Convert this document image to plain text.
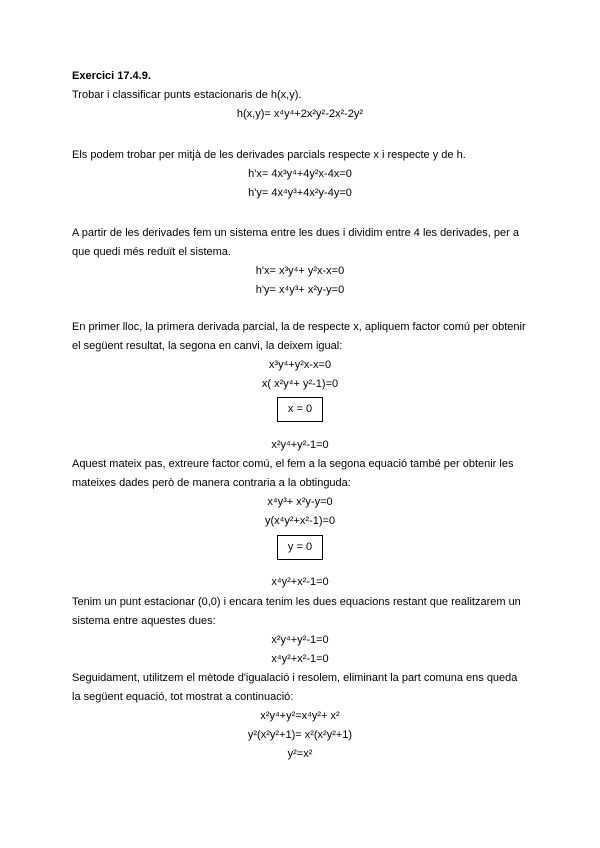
Exercici 17.4.9.
Trobar i classificar punts estacionaris de h(x,y).
h(x,y)= x⁴y⁴+2x²y²-2x²-2y²
Els podem trobar per mitjà de les derivades parcials respecte x i respecte y de h.
h'x= 4x³y⁴+4y²x-4x=0
h'y= 4x⁴y³+4x²y-4y=0
A partir de les derivades fem un sistema entre les dues i dividim entre 4 les derivades, per a que quedi més reduït el sistema.
h'x= x³y⁴+ y²x-x=0
h'y= x⁴y³+ x²y-y=0
En primer lloc, la primera derivada parcial, la de respecte x, apliquem factor comú per obtenir el següent resultat, la segona en canvi, la deixem igual:
x³y⁴+y²x-x=0
x( x²y⁴+ y²-1)=0
x = 0
x²y⁴+y²-1=0
Aquest mateix pas, extreure factor comú, el fem a la segona equació també per obtenir les mateixes dades però de manera contraria a la obtinguda:
x⁴y³+ x²y-y=0
y(x⁴y²+x²-1)=0
y = 0
x⁴y²+x²-1=0
Tenim un punt estacionar (0,0) i encara tenim les dues equacions restant que realitzarem un sistema entre aquestes dues:
x²y⁴+y²-1=0
x⁴y²+x²-1=0
Seguidament, utilitzem el mètode d'igualació i resolem, eliminant la part comuna ens queda la següent equació, tot mostrat a continuació:
x²y⁴+y²=x⁴y²+ x²
y²(x²y²+1)= x²(x²y²+1)
y²=x²
